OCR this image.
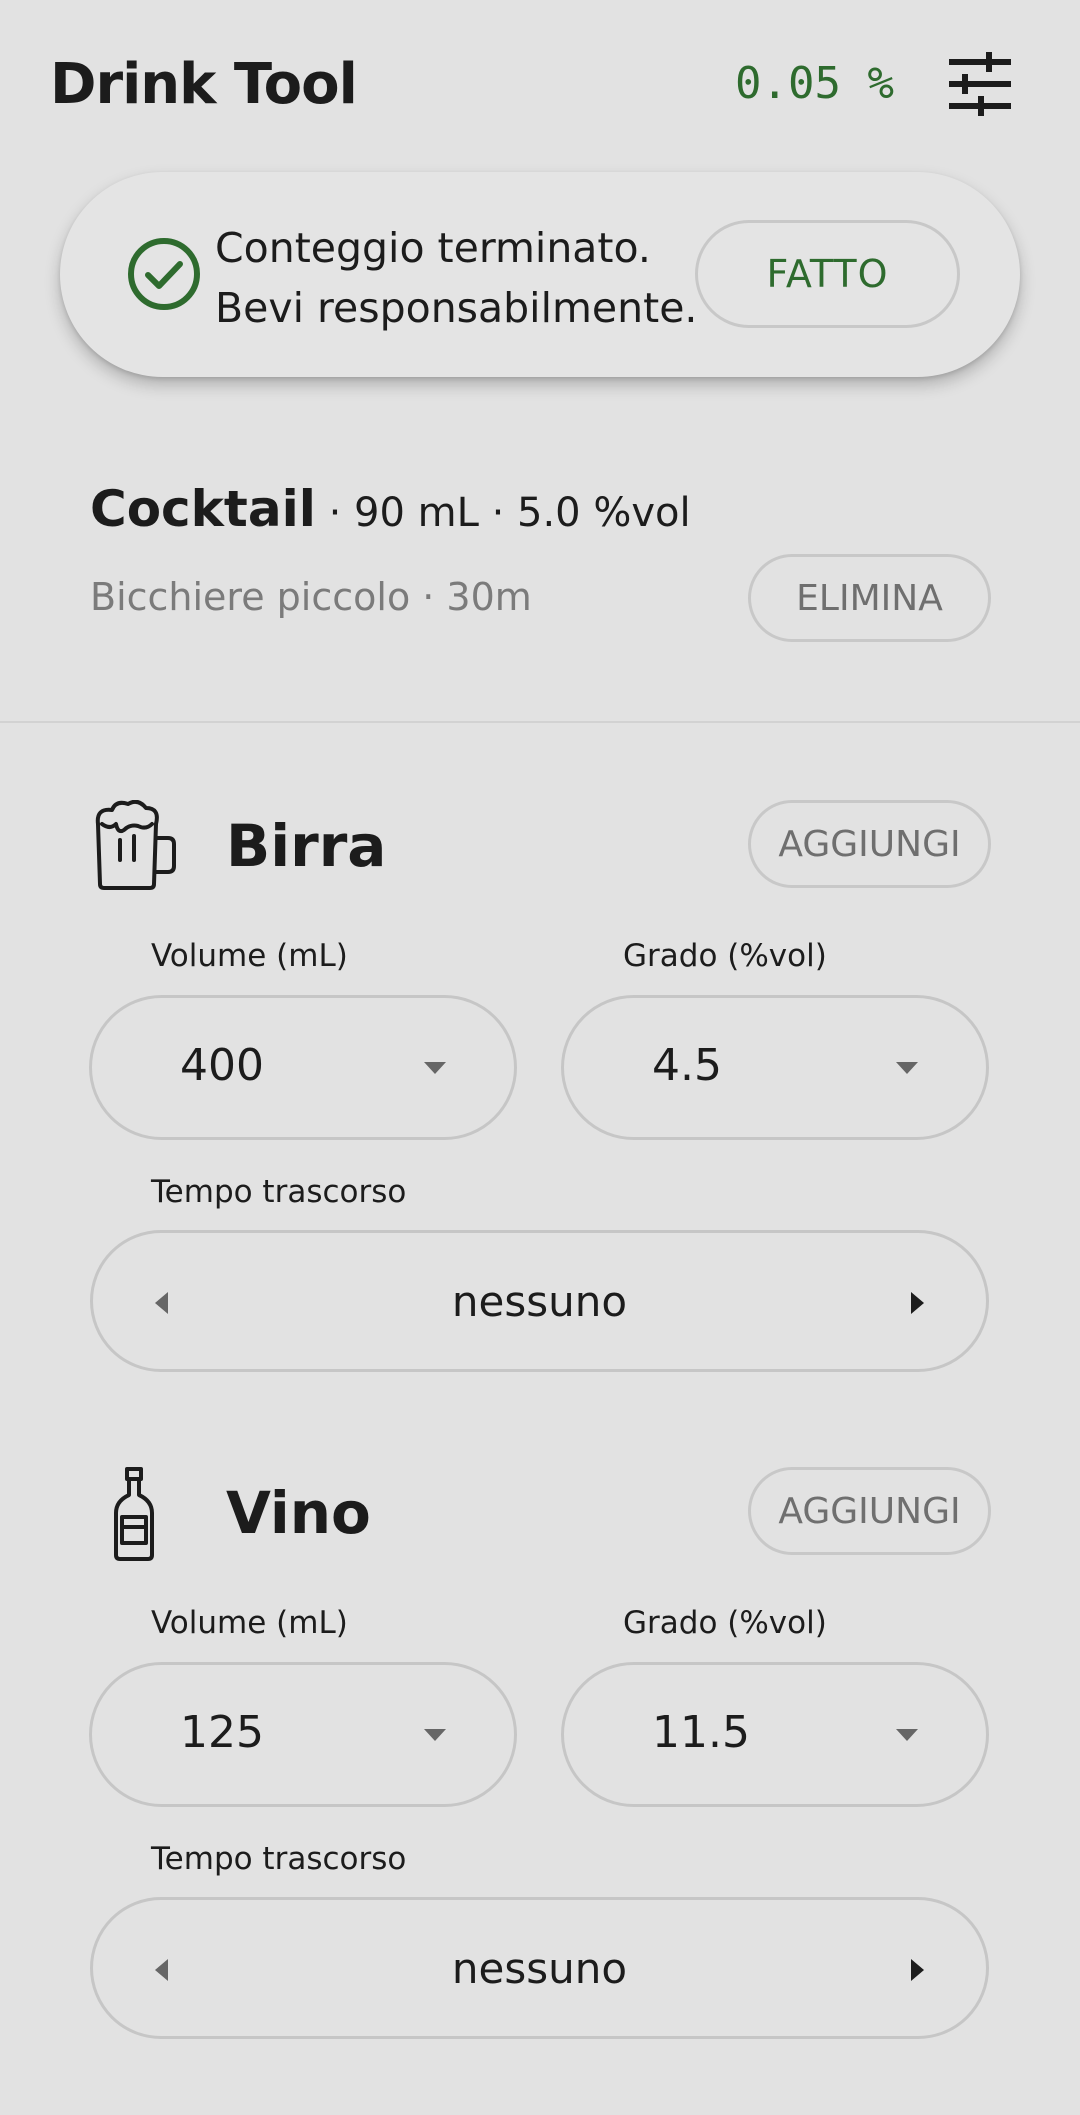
Drink Tool	0.05 %
Conteggio terminato.
Bevi responsabilmente.
FATTO
Cocktail · 90 mL · 5.0 %vol
Bicchiere piccolo · 30m	ELIMINA
Birra	AGGIUNGI
Volume (mL)	Grado (%vol)
400	4.5
Tempo trascorso
nessuno
Vino	AGGIUNGI
Volume (mL)	Grado (%vol)
125	11.5
Tempo trascorso
nessuno
